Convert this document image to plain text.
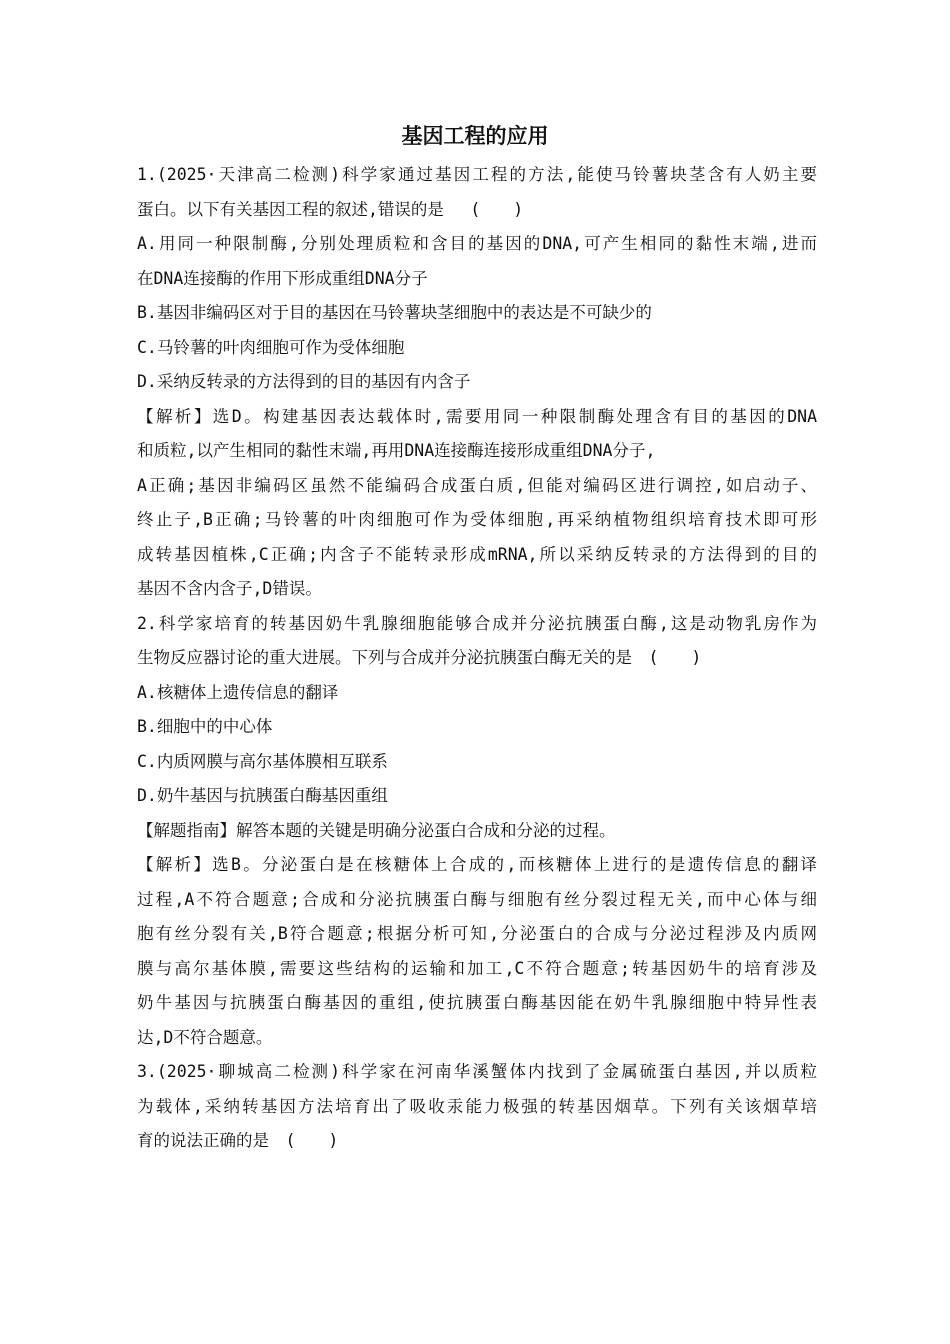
基因工程的应用
1.(2025·天津高二检测)科学家通过基因工程的方法,能使马铃薯块茎含有人奶主要
蛋白。以下有关基因工程的叙述,错误的是　 (　　)
A.用同一种限制酶,分别处理质粒和含目的基因的DNA,可产生相同的黏性末端,进而
在DNA连接酶的作用下形成重组DNA分子
B.基因非编码区对于目的基因在马铃薯块茎细胞中的表达是不可缺少的
C.马铃薯的叶肉细胞可作为受体细胞
D.采纳反转录的方法得到的目的基因有内含子
【解析】选D。构建基因表达载体时,需要用同一种限制酶处理含有目的基因的DNA
和质粒,以产生相同的黏性末端,再用DNA连接酶连接形成重组DNA分子,
A正确;基因非编码区虽然不能编码合成蛋白质,但能对编码区进行调控,如启动子、
终止子,B正确;马铃薯的叶肉细胞可作为受体细胞,再采纳植物组织培育技术即可形
成转基因植株,C正确;内含子不能转录形成mRNA,所以采纳反转录的方法得到的目的
基因不含内含子,D错误。
2.科学家培育的转基因奶牛乳腺细胞能够合成并分泌抗胰蛋白酶,这是动物乳房作为
生物反应器讨论的重大进展。下列与合成并分泌抗胰蛋白酶无关的是　(　　)
A.核糖体上遗传信息的翻译
B.细胞中的中心体
C.内质网膜与高尔基体膜相互联系
D.奶牛基因与抗胰蛋白酶基因重组
【解题指南】解答本题的关键是明确分泌蛋白合成和分泌的过程。
【解析】选B。分泌蛋白是在核糖体上合成的,而核糖体上进行的是遗传信息的翻译
过程,A不符合题意;合成和分泌抗胰蛋白酶与细胞有丝分裂过程无关,而中心体与细
胞有丝分裂有关,B符合题意;根据分析可知,分泌蛋白的合成与分泌过程涉及内质网
膜与高尔基体膜,需要这些结构的运输和加工,C不符合题意;转基因奶牛的培育涉及
奶牛基因与抗胰蛋白酶基因的重组,使抗胰蛋白酶基因能在奶牛乳腺细胞中特异性表
达,D不符合题意。
3.(2025·聊城高二检测)科学家在河南华溪蟹体内找到了金属硫蛋白基因,并以质粒
为载体,采纳转基因方法培育出了吸收汞能力极强的转基因烟草。下列有关该烟草培
育的说法正确的是　(　　)
